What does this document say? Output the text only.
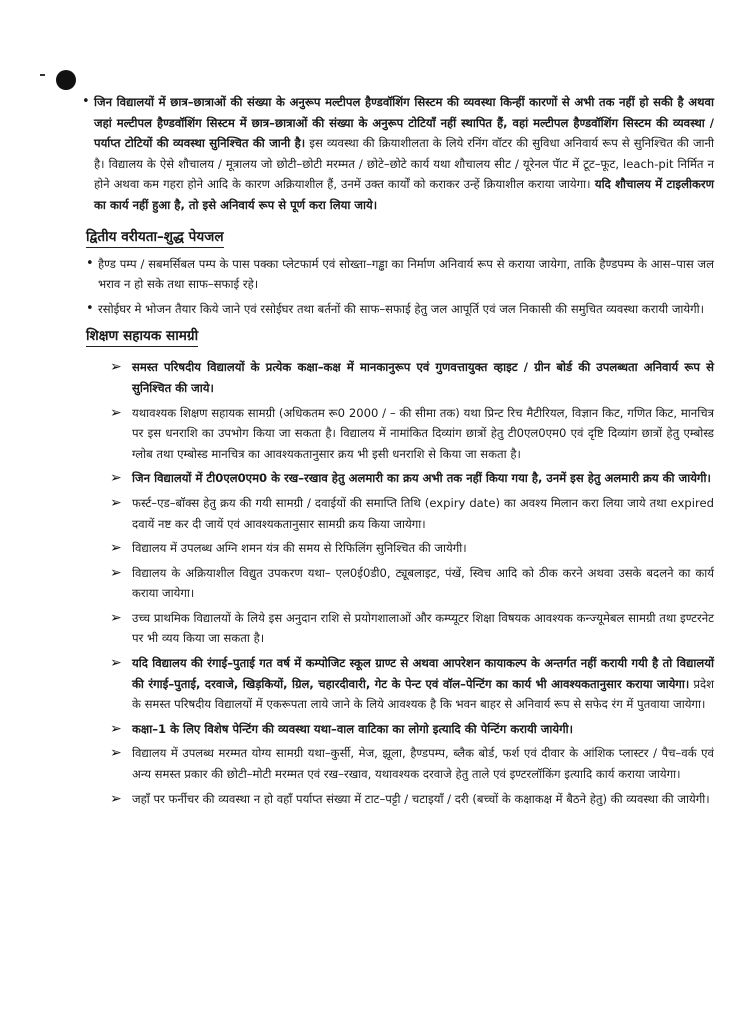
• जिन विद्यालयों में छात्र–छात्राओं की संख्या के अनुरूप मल्टीपल हैण्डवॉशिंग सिस्टम की व्यवस्था किन्हीं कारणों से अभी तक नहीं हो सकी है अथवा जहां मल्टीपल हैण्डवॉशिंग सिस्टम में छात्र–छात्राओं की संख्या के अनुरूप टोटियाँ नहीं स्थापित हैं, वहां मल्टीपल हैण्डवॉशिंग सिस्टम की व्यवस्था / पर्याप्त टोटियों की व्यवस्था सुनिश्चित की जानी है। इस व्यवस्था की क्रियाशीलता के लिये रनिंग वॉटर की सुविधा अनिवार्य रूप से सुनिश्चित की जानी है। विद्यालय के ऐसे शौचालय / मूत्रालय जो छोटी–छोटी मरम्मत / छोटे–छोटे कार्य यथा शौचालय सीट / यूरेनल पॅाट में टूट–फूट, leach-pit निर्मित न होने अथवा कम गहरा होने आदि के कारण अक्रियाशील हैं, उनमें उक्त कार्यों को कराकर उन्हें क्रियाशील कराया जायेगा। यदि शौचालय में टाइलीकरण का कार्य नहीं हुआ है, तो इसे अनिवार्य रूप से पूर्ण करा लिया जाये।

द्वितीय वरीयता–शुद्ध पेयजल
• हैण्ड पम्प / सबमर्सिबल पम्प के पास पक्का प्लेटफार्म एवं सोख्ता–गड्ढा का निर्माण अनिवार्य रूप से कराया जायेगा, ताकि हैण्डपम्प के आस–पास जल भराव न हो सके तथा साफ–सफाई रहे।

• रसोईघर मे भोजन तैयार किये जाने एवं रसोईघर तथा बर्तनों की साफ–सफाई हेतु जल आपूर्ति एवं जल निकासी की समुचित व्यवस्था करायी जायेगी।

शिक्षण सहायक सामग्री
➢ समस्त परिषदीय विद्यालयों के प्रत्येक कक्षा–कक्ष में मानकानुरूप एवं गुणवत्तायुक्त व्हाइट / ग्रीन बोर्ड की उपलब्धता अनिवार्य रूप से सुनिश्चित की जाये।

➢ यथावश्यक शिक्षण सहायक सामग्री (अधिकतम रू0 2000 / – की सीमा तक) यथा प्रिन्ट रिच मैटीरियल, विज्ञान किट, गणित किट, मानचित्र पर इस धनराशि का उपभोग किया जा सकता है। विद्यालय में नामांकित दिव्यांग छात्रों हेतु टी0एल0एम0 एवं दृष्टि दिव्यांग छात्रों हेतु एम्बोस्ड ग्लोब तथा एम्बोस्ड मानचित्र का आवश्यकतानुसार क्रय भी इसी धनराशि से किया जा सकता है।

➢ जिन विद्यालयों में टी0एल0एम0 के रख–रखाव हेतु अलमारी का क्रय अभी तक नहीं किया गया है, उनमें इस हेतु अलमारी क्रय की जायेगी।

➢ फर्स्ट–एड–बॉक्स हेतु क्रय की गयी सामग्री / दवाईयों की समाप्ति तिथि (expiry date) का अवश्य मिलान करा लिया जाये तथा expired दवायें नष्ट कर दी जायें एवं आवश्यकतानुसार सामग्री क्रय किया जायेगा।

➢ विद्यालय में उपलब्ध अग्नि शमन यंत्र की समय से रिफिलिंग सुनिश्चित की जायेगी।

➢ विद्यालय के अक्रियाशील विद्युत उपकरण यथा– एल0ई0डी0, ट्यूबलाइट, पंखें, स्विच आदि को ठीक करने अथवा उसके बदलने का कार्य कराया जायेगा।

➢ उच्च प्राथमिक विद्यालयों के लिये इस अनुदान राशि से प्रयोगशालाओं और कम्प्यूटर शिक्षा विषयक आवश्यक कन्ज्यूमेबल सामग्री तथा इण्टरनेट पर भी व्यय किया जा सकता है।

➢ यदि विद्यालय की रंगाई–पुताई गत वर्ष में कम्पोजिट स्कूल ग्राण्ट से अथवा आपरेशन कायाकल्प के अन्तर्गत नहीं करायी गयी है तो विद्यालयों की रंगाई–पुताई, दरवाजे, खिड़कियों, ग्रिल, चहारदीवारी, गेट के पेन्ट एवं वॉल–पेन्टिंग का कार्य भी आवश्यकतानुसार कराया जायेगा। प्रदेश के समस्त परिषदीय विद्यालयों में एकरूपता लाये जाने के लिये आवश्यक है कि भवन बाहर से अनिवार्य रूप से सफेद रंग में पुतवाया जायेगा।

➢ कक्षा–1 के लिए विशेष पेन्टिंग की व्यवस्था यथा–वाल वाटिका का लोगो इत्यादि की पेन्टिंग करायी जायेगी।

➢ विद्यालय में उपलब्ध मरम्मत योग्य सामग्री यथा–कुर्सी, मेज, झूला, हैण्डपम्प, ब्लैक बोर्ड, फर्श एवं दीवार के आंशिक प्लास्टर / पैच–वर्क एवं अन्य समस्त प्रकार की छोटी–मोटी मरम्मत एवं रख–रखाव, यथावश्यक दरवाजे हेतु ताले एवं इण्टरलॉकिंग इत्यादि कार्य कराया जायेगा।

➢ जहाँ पर फर्नीचर की व्यवस्था न हो वहाँ पर्याप्त संख्या में टाट–पट्टी / चटाइयाँ / दरी (बच्चों के कक्षाकक्ष में बैठने हेतु) की व्यवस्था की जायेगी।
